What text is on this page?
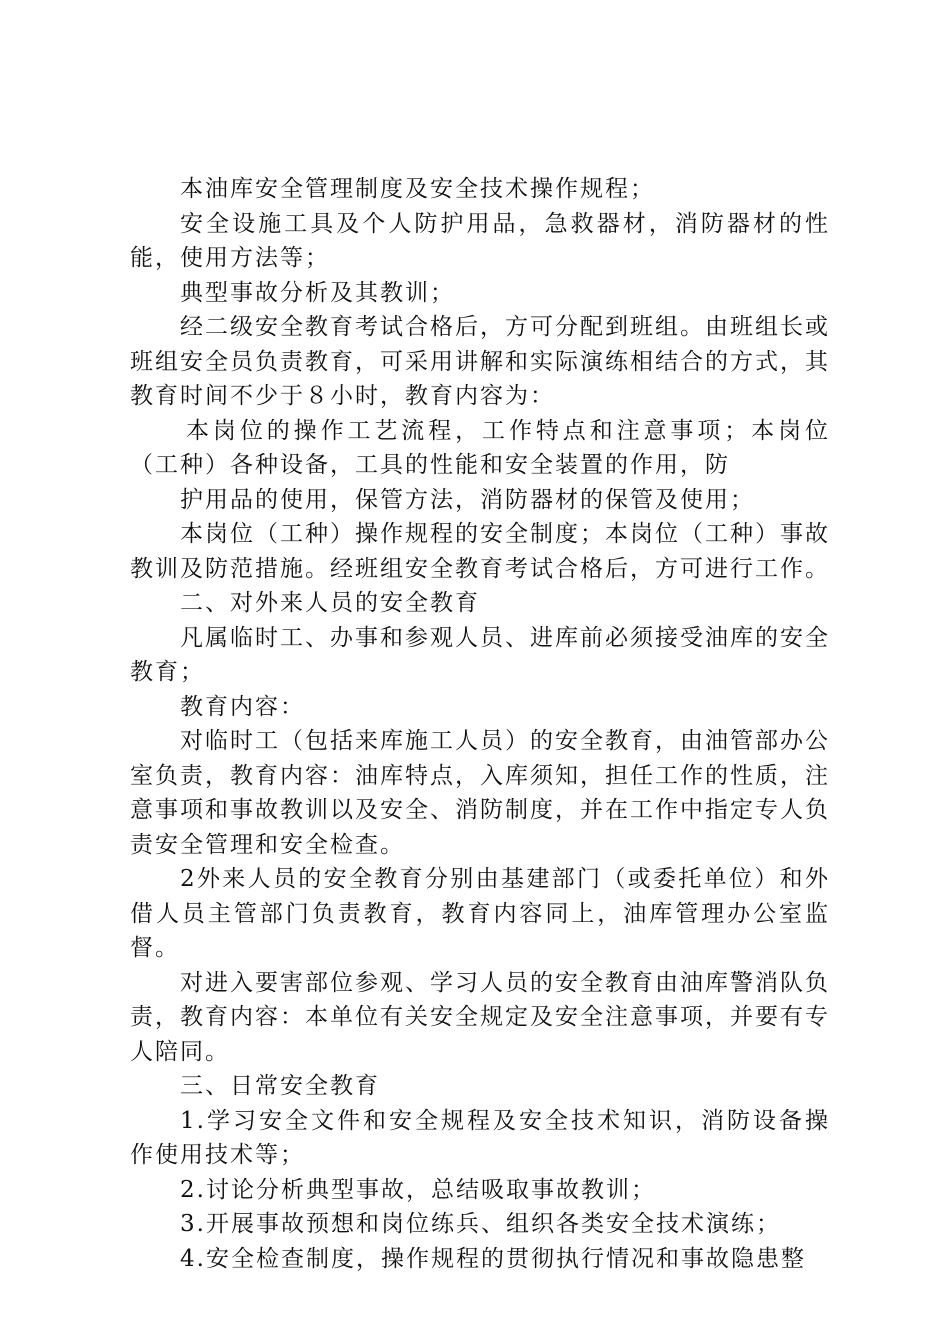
本油库安全管理制度及安全技术操作规程；

安全设施工具及个人防护用品，急救器材，消防器材的性能，使用方法等；

典型事故分析及其教训；

经二级安全教育考试合格后，方可分配到班组。由班组长或班组安全员负责教育，可采用讲解和实际演练相结合的方式，其教育时间不少于８小时，教育内容为：

本岗位的操作工艺流程，工作特点和注意事项；本岗位（工种）各种设备，工具的性能和安全装置的作用，防

护用品的使用，保管方法，消防器材的保管及使用；

本岗位（工种）操作规程的安全制度；本岗位（工种）事故教训及防范措施。经班组安全教育考试合格后，方可进行工作。

二、对外来人员的安全教育

凡属临时工、办事和参观人员、进库前必须接受油库的安全教育；

教育内容：

对临时工（包括来库施工人员）的安全教育，由油管部办公室负责，教育内容：油库特点，入库须知，担任工作的性质，注意事项和事故教训以及安全、消防制度，并在工作中指定专人负责安全管理和安全检查。

2外来人员的安全教育分别由基建部门（或委托单位）和外借人员主管部门负责教育，教育内容同上，油库管理办公室监督。

对进入要害部位参观、学习人员的安全教育由油库警消队负责，教育内容：本单位有关安全规定及安全注意事项，并要有专人陪同。

三、日常安全教育

1.学习安全文件和安全规程及安全技术知识，消防设备操作使用技术等；

2.讨论分析典型事故，总结吸取事故教训；

3.开展事故预想和岗位练兵、组织各类安全技术演练；

4.安全检查制度，操作规程的贯彻执行情况和事故隐患整
